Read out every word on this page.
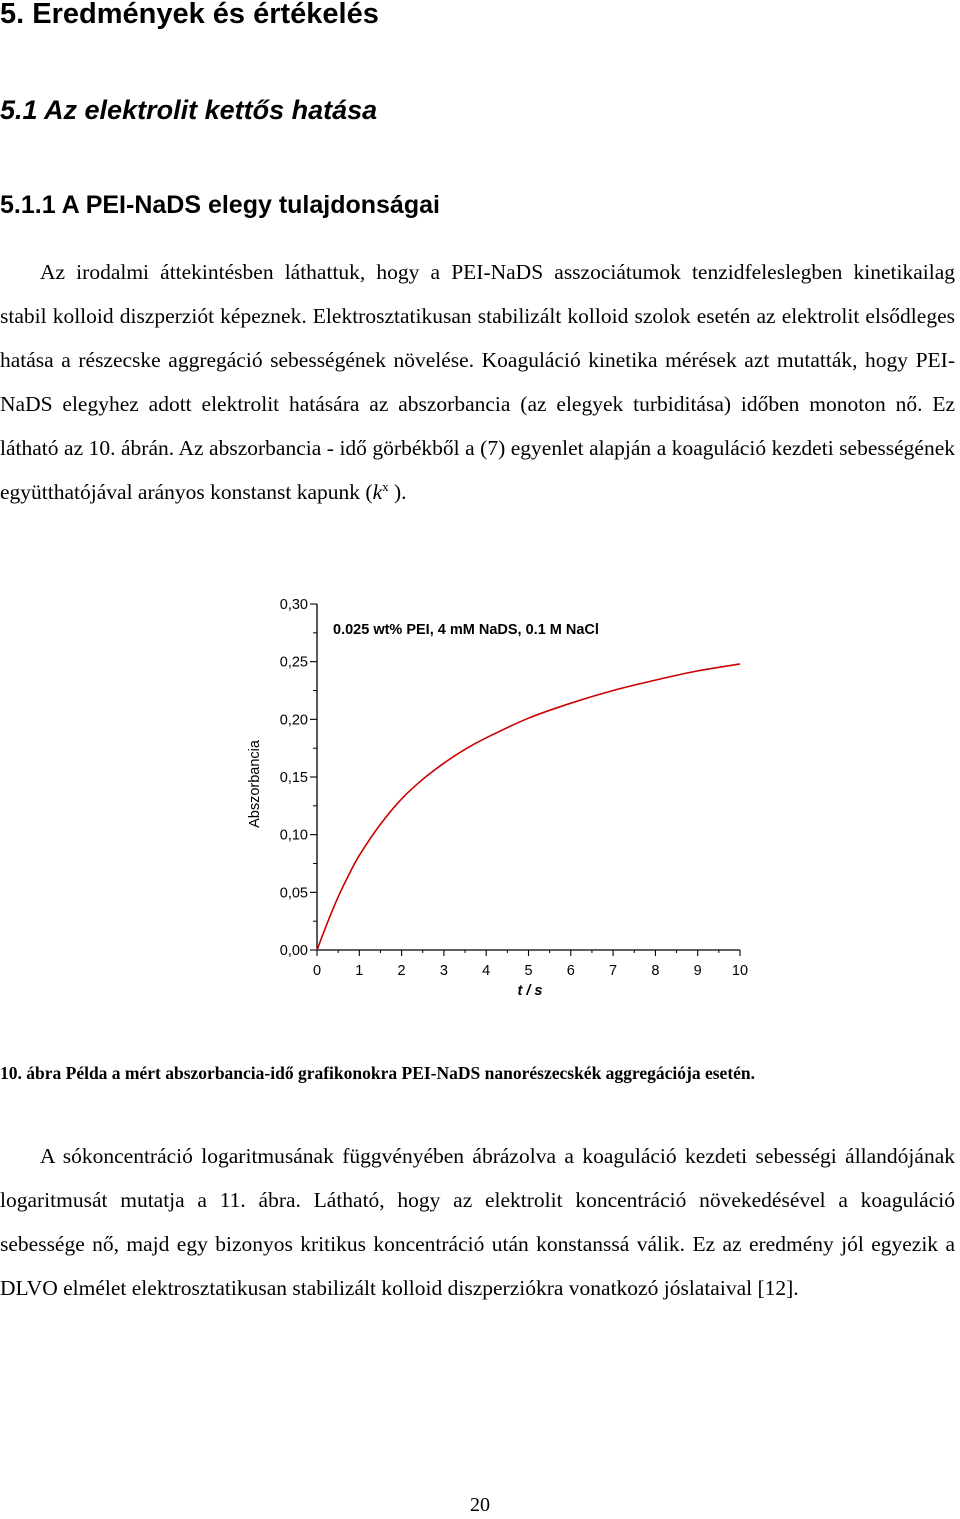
5. Eredmények és értékelés
5.1 Az elektrolit kettős hatása
5.1.1 A PEI-NaDS elegy tulajdonságai

Az irodalmi áttekintésben láthattuk, hogy a PEI-NaDS asszociátumok tenzidfeleslegben kinetikailag stabil kolloid diszperziót képeznek. Elektrosztatikusan stabilizált kolloid szolok esetén az elektrolit elsődleges hatása a részecske aggregáció sebességének növelése. Koaguláció kinetika mérések azt mutatták, hogy PEI-NaDS elegyhez adott elektrolit hatására az abszorbancia (az elegyek turbiditása) időben monoton nő. Ez látható az 10. ábrán. Az abszorbancia - idő görbékből a (7) egyenlet alapján a koaguláció kezdeti sebességének együtthatójával arányos konstanst kapunk ($k^x$ ).

0,00
0,05
0,10
0,15
0,20
0,25
0,30
0 1 2 3 4 5 6 7 8 9 10
0.025 wt% PEI, 4 mM NaDS, 0.1 M NaCl
t / s
Abszorbancia
10. ábra Példa a mért abszorbancia-idő grafikonokra PEI-NaDS nanorészecskék aggregációja esetén.

A sókoncentráció logaritmusának függvényében ábrázolva a koaguláció kezdeti sebességi állandójának logaritmusát mutatja a 11. ábra. Látható, hogy az elektrolit koncentráció növekedésével a koaguláció sebessége nő, majd egy bizonyos kritikus koncentráció után konstanssá válik. Ez az eredmény jól egyezik a DLVO elmélet elektrosztatikusan stabilizált kolloid diszperziókra vonatkozó jóslataival [12].

20
